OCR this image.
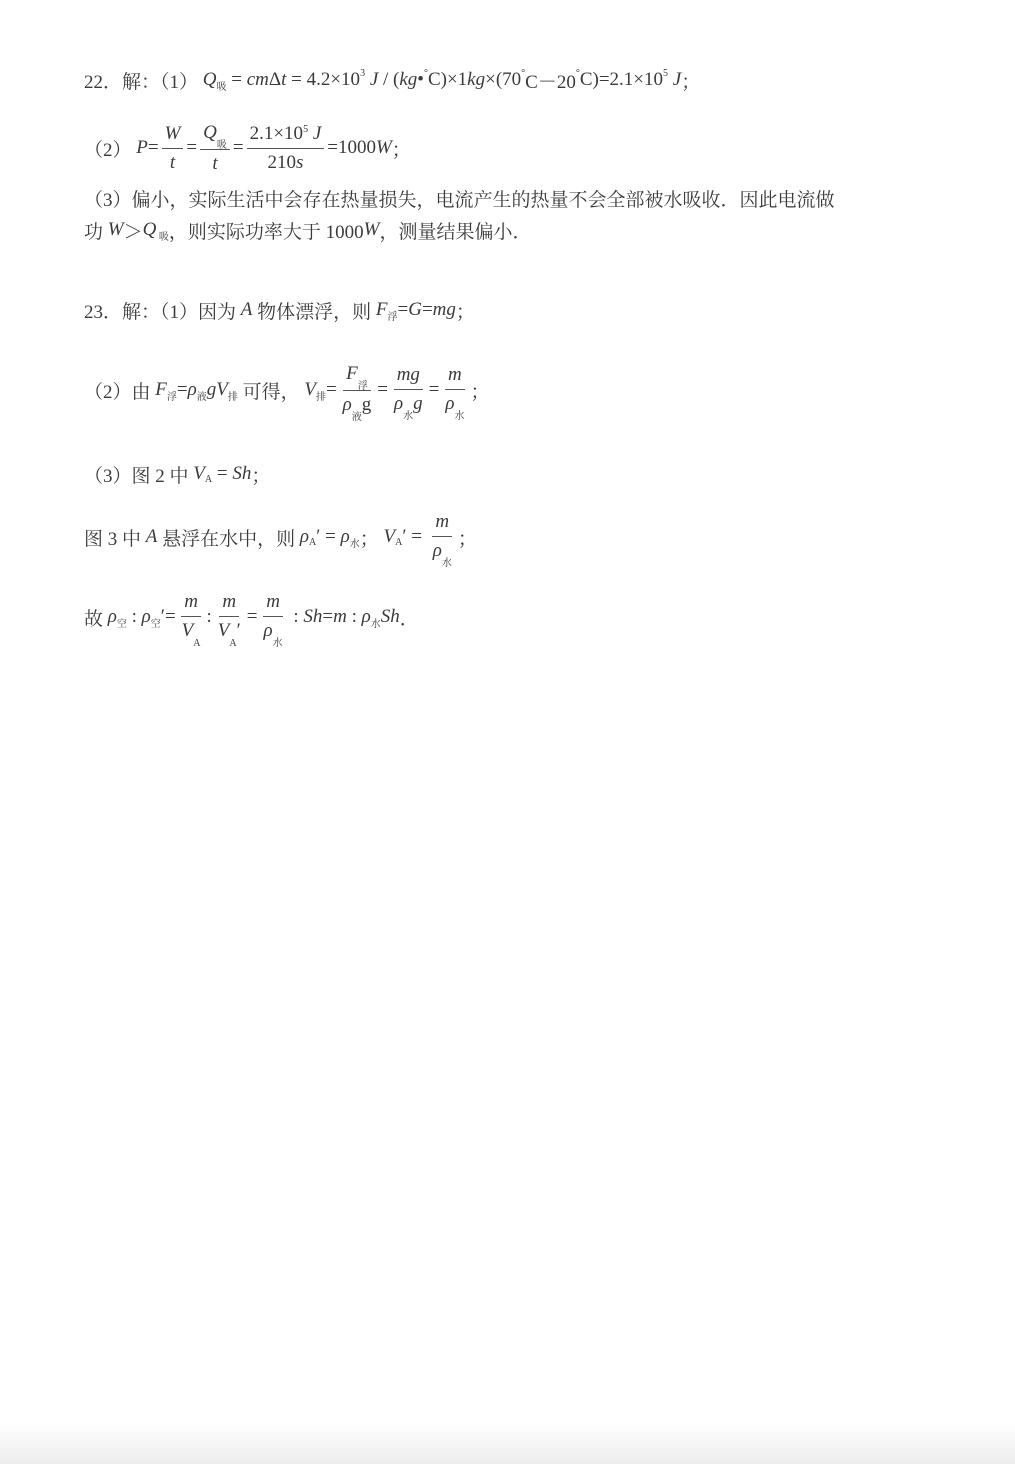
22．解：（1） Q 吸 = cm Δ t = 4.2×10 3 J / ( kg • ° C)×1 kg ×(70 ° C－20 ° C)=2.1×10 5 J ；
（2） $P = \frac{W}{t} = \frac{Q_吸}{t} = \frac{2.1\times 10^5 J}{210s} =1000$ W ；
（3）偏小，实际生活中会存在热量损失，电流产生的热量不会全部被水吸收．因此电流做
功 W ＞ Q 吸 ，则实际功率大于 1000 W ，测量结果偏小．
23．解：（1）因为 A 物体漂浮，则 F 浮 = G = mg ；
（2）由 F 浮 = ρ 液 gV 排 可得， V 排 = $\frac{F_浮}{\rho_液g} = \frac{mg}{\rho_水g} = \frac{m}{\rho_水}$ ；
（3）图 2 中 V A = Sh ；
图 3 中 A 悬浮在水中，则 ρ A ′ = ρ 水 ； V A ′ = $\frac{m}{\rho_水}$ ；
故 ρ 空 : ρ 空 ′= $\frac{m}{V_A}$ : $\frac{m}{V_A'} = \frac{m}{\rho_水}$ : Sh = m : ρ 水 Sh ．
